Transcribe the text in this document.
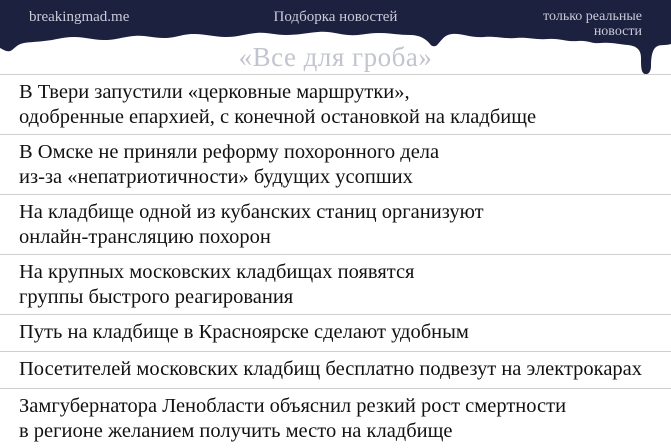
breakingmad.me	Подборка новостей	только реальные
новости
«Все для гроба»
В Твери запустили «церковные маршрутки»,
одобренные епархией, с конечной остановкой на кладбище
В Омске не приняли реформу похоронного дела
из-за «непатриотичности» будущих усопших
На кладбище одной из кубанских станиц организуют
онлайн-трансляцию похорон
На крупных московских кладбищах появятся
группы быстрого реагирования
Путь на кладбище в Красноярске сделают удобным
Посетителей московских кладбищ бесплатно подвезут на электрокарах
Замгубернатора Ленобласти объяснил резкий рост смертности
в регионе желанием получить место на кладбище
